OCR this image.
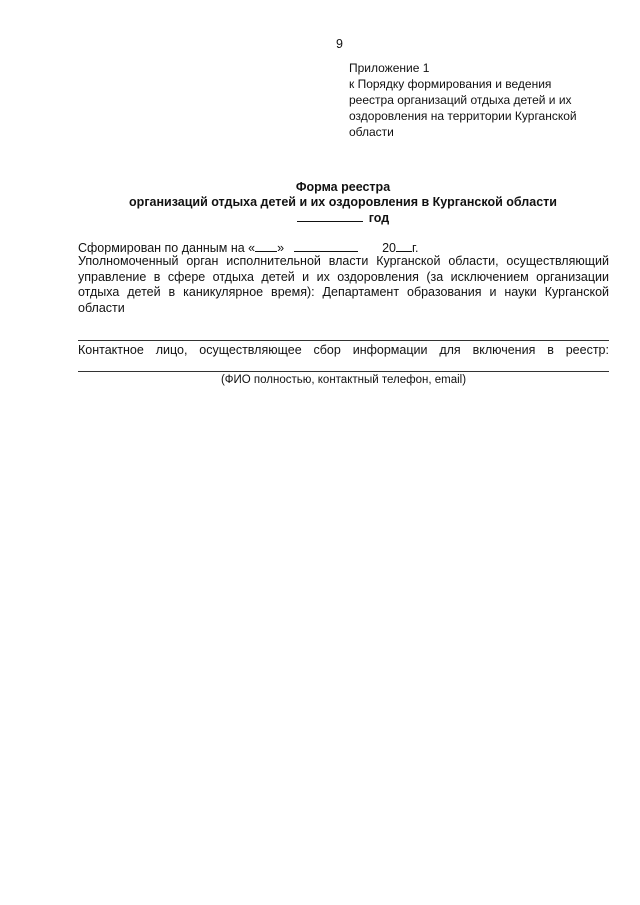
9
Приложение 1
к Порядку формирования и ведения
реестра организаций отдыха детей и их
оздоровления на территории Курганской
области
Форма реестра
организаций отдыха детей и их оздоровления в Курганской области
год
Сформирован по данным на « »	20 г.
Уполномоченный орган исполнительной власти Курганской области, осуществляющий управление в сфере отдыха детей и их оздоровления (за исключением организации отдыха детей в каникулярное время): Департамент образования и науки Курганской области
Контактное лицо, осуществляющее сбор информации для включения в реестр:
(ФИО полностью, контактный телефон, email)
